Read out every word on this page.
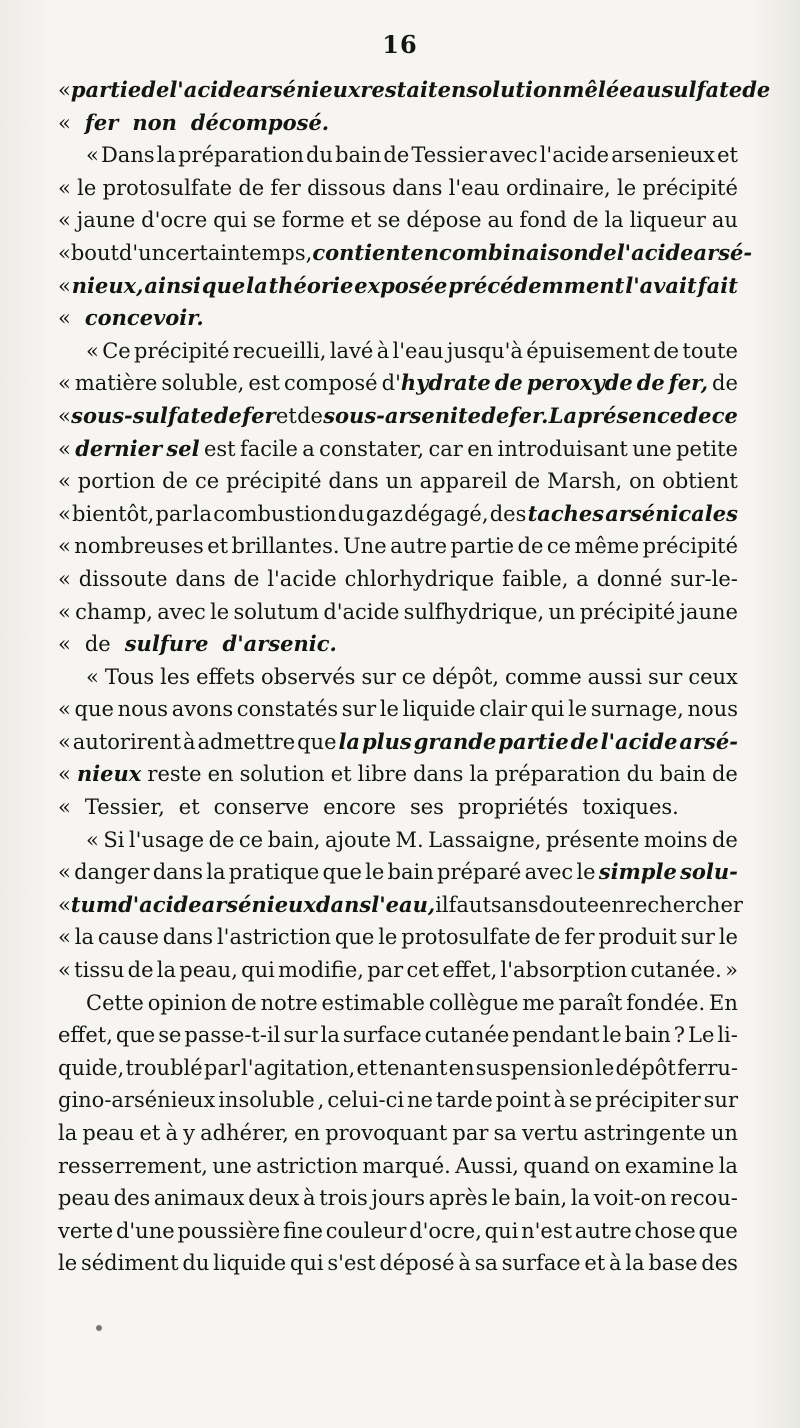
16
« partie de l'acide arsénieux restait en solution mêlée au sulfate de
« fer non décomposé.
« Dans la préparation du bain de Tessier avec l'acide arsenieux et
« le protosulfate de fer dissous dans l'eau ordinaire, le précipité
« jaune d'ocre qui se forme et se dépose au fond de la liqueur au
« bout d'un certain temps, contient en combinaison de l'acide arsé-
« nieux, ainsi que la théorie exposée précédemment l'avait fait
« concevoir.
« Ce précipité recueilli, lavé à l'eau jusqu'à épuisement de toute
« matière soluble, est composé d'hydrate de peroxyde de fer, de
« sous-sulfate de fer et de sous-arsenite de fer. La présence de ce
« dernier sel est facile a constater, car en introduisant une petite
« portion de ce précipité dans un appareil de Marsh, on obtient
« bientôt, par la combustion du gaz dégagé, des taches arsénicales
« nombreuses et brillantes. Une autre partie de ce même précipité
« dissoute dans de l'acide chlorhydrique faible, a donné sur-le-
« champ, avec le solutum d'acide sulfhydrique, un précipité jaune
« de sulfure d'arsenic.
« Tous les effets observés sur ce dépôt, comme aussi sur ceux
« que nous avons constatés sur le liquide clair qui le surnage, nous
« autorirent à admettre que la plus grande partie de l'acide arsé-
« nieux reste en solution et libre dans la préparation du bain de
« Tessier, et conserve encore ses propriétés toxiques.
« Si l'usage de ce bain, ajoute M. Lassaigne, présente moins de
« danger dans la pratique que le bain préparé avec le simple solu-
« tum d'acide arsénieux dans l'eau, il faut sans doute en rechercher
« la cause dans l'astriction que le protosulfate de fer produit sur le
« tissu de la peau, qui modifie, par cet effet, l'absorption cutanée. »
Cette opinion de notre estimable collègue me paraît fondée. En
effet, que se passe-t-il sur la surface cutanée pendant le bain ? Le li-
quide, troublé par l'agitation, et tenant en suspension le dépôt ferru-
gino-arsénieux insoluble , celui-ci ne tarde point à se précipiter sur
la peau et à y adhérer, en provoquant par sa vertu astringente un
resserrement, une astriction marqué. Aussi, quand on examine la
peau des animaux deux à trois jours après le bain, la voit-on recou-
verte d'une poussière fine couleur d'ocre, qui n'est autre chose que
le sédiment du liquide qui s'est déposé à sa surface et à la base des
